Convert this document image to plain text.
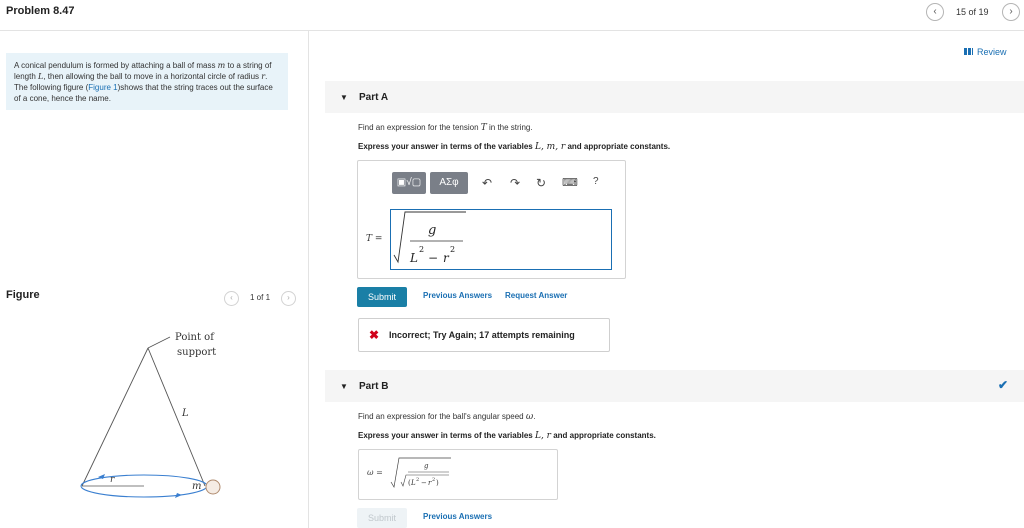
Problem 8.47	‹	15 of 19	›
A conical pendulum is formed by attaching a ball of mass m to a string of length L, then allowing the ball to move in a horizontal circle of radius r. The following figure (Figure 1)shows that the string traces out the surface of a cone, hence the name.
Figure	‹	1 of 1	›
Point of
support
L
r
m
Review
▼ Part A
Find an expression for the tension T in the string.
Express your answer in terms of the variables L, m, r and appropriate constants.
▣√▢	ΑΣφ	↶ ↷ ↻ ⌨ ?
T =
g
L
2
− r
2
Submit	Previous Answers Request Answer
✖ Incorrect; Try Again; 17 attempts remaining
▼ Part B	✔
Find an expression for the ball's angular speed ω.
Express your answer in terms of the variables L, r and appropriate constants.
ω =
g
( L 2 − r 2 )
Submit	Previous Answers
